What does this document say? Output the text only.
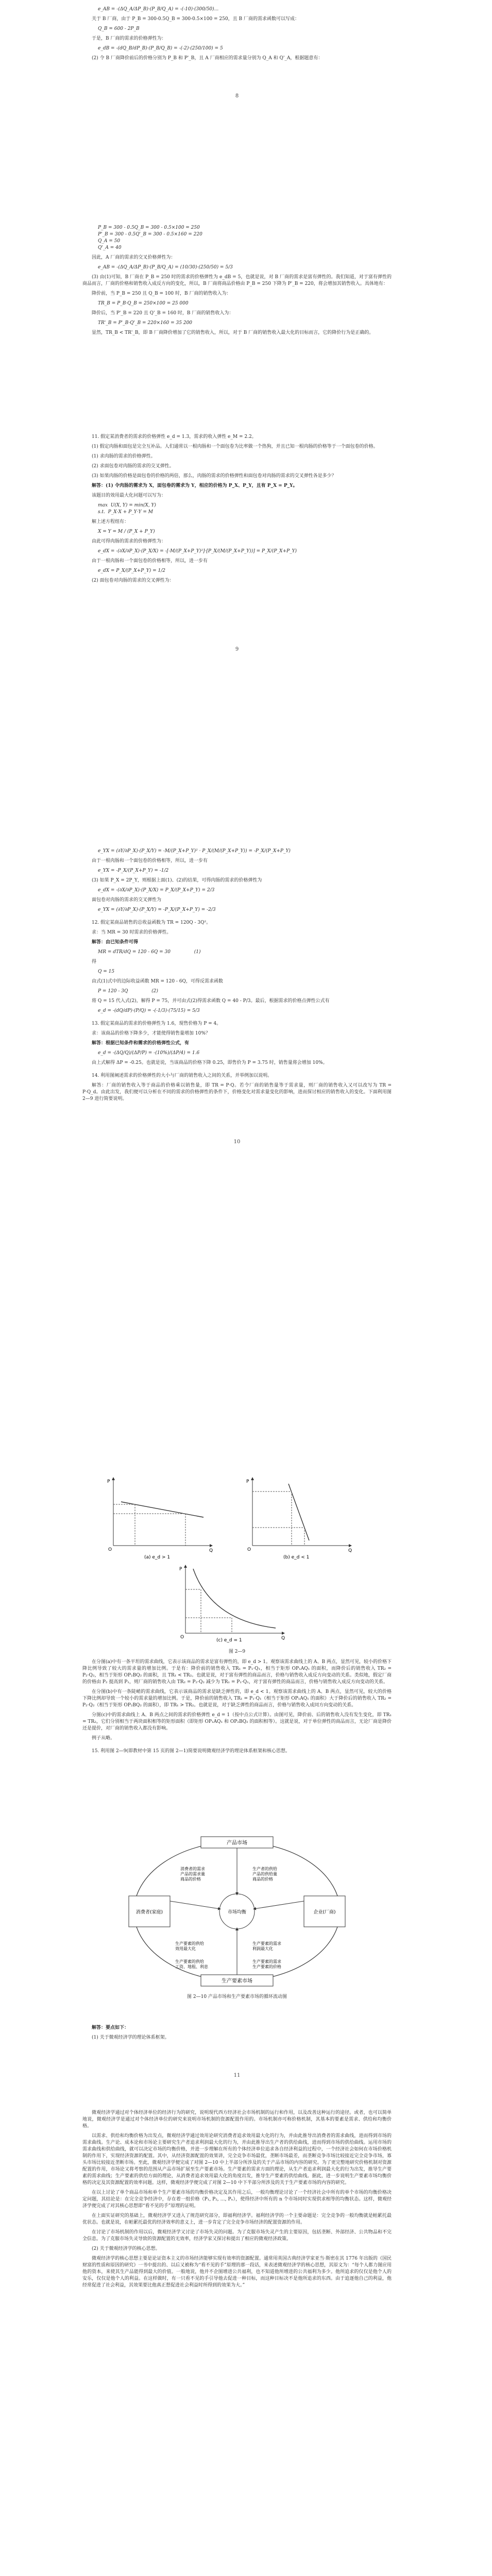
e_AB = -(ΔQ_A/ΔP_B)·(P_B/Q_A) = -(-10)·(300/50)...

关于 B 厂商，由于 P_B = 300-0.5Q_B = 300-0.5×100 = 250，且 B 厂商的需求函数可以写成：

Q_B = 600 - 2P_B

于是，B 厂商的需求的价格弹性为：

e_dB = -(dQ_B/dP_B)·(P_B/Q_B) = -(-2)·(250/100) = 5

(2) 令 B 厂商降价前后的价格分别为 P_B 和 P'_B，且 A 厂商相应的需求量分别为 Q_A 和 Q'_A，根据题意有：

8
P_B = 300 - 0.5Q_B = 300 - 0.5×100 = 250
P'_B = 300 - 0.5Q'_B = 300 - 0.5×160 = 220
Q_A = 50
Q'_A = 40

因此，A 厂商的需求的交叉价格弹性为：

e_AB = -(ΔQ_A/ΔP_B)·(P_B/Q_A) = (10/30)·(250/50) = 5/3

(3) 由(1)可知，B 厂商在 P_B = 250 时的需求的价格弹性为 e_dB = 5，也就是说，对 B 厂商的需求是富有弹性的。我们知道，对于富有弹性的商品而言，厂商的价格和销售收入成反方向的变化，所以，B 厂商将商品价格由 P_B = 250 下降为 P'_B = 220，将会增加其销售收入。具体地有：

降价前，当 P_B = 250 且 Q_B = 100 时，B 厂商的销售收入为：

TR_B = P_B·Q_B = 250×100 = 25 000

降价后，当 P'_B = 220 且 Q'_B = 160 时，B 厂商的销售收入为：

TR'_B = P'_B·Q'_B = 220×160 = 35 200

显然，TR_B < TR'_B，即 B 厂商降价增加了它的销售收入，所以，对于 B 厂商的销售收入最大化的目标而言，它的降价行为是正确的。

11. 假定某消费者的需求的价格弹性 e_d = 1.3，需求的收入弹性 e_M = 2.2。

(1) 假定肉肠和面包是完全互补品。人们通常以一根肉肠和一个面包卷为比率做一个热狗，并且已知一根肉肠的价格等于一个面包卷的价格。

(1) 求肉肠的需求的价格弹性。

(2) 求面包卷对肉肠的需求的交叉弹性。

(3) 如果肉肠的价格是面包卷的价格的两倍，那么，肉肠的需求的价格弹性和面包卷对肉肠的需求的交叉弹性各是多少？

解答：(1) 令肉肠的需求为 X，面包卷的需求为 Y，相应的价格为 P_X、P_Y，且有 P_X = P_Y。

该题目的效用最大化问题可以写为：

max  U(X, Y) = min(X, Y)
s.t.  P_X·X + P_Y·Y = M

解上述方程组有：

X = Y = M / (P_X + P_Y)

由此可得肉肠的需求的价格弹性为：

e_dX = -(∂X/∂P_X)·(P_X/X) = -[-M/(P_X+P_Y)²]·[P_X/(M/(P_X+P_Y))] = P_X/(P_X+P_Y)

由于一根肉肠和一个面包卷的价格相等，所以，进一步有

e_dX = P_X/(P_X+P_Y) = 1/2

(2) 面包卷对肉肠的需求的交叉弹性为：

9
e_YX = (∂Y/∂P_X)·(P_X/Y) = -M/(P_X+P_Y)² · P_X/(M/(P_X+P_Y)) = -P_X/(P_X+P_Y)

由于一根肉肠和一个面包卷的价格相等，所以，进一步有

e_YX = -P_X/(P_X+P_Y) = -1/2

(3) 如果 P_X = 2P_Y，则根据上面(1)、(2)的结果，可得肉肠的需求的价格弹性为

e_dX = -(∂X/∂P_X)·(P_X/X) = P_X/(P_X+P_Y) = 2/3

面包卷对肉肠的需求的交叉弹性为

e_YX = (∂Y/∂P_X)·(P_X/Y) = -P_X/(P_X+P_Y) = -2/3

12. 假定某商品销售的总收益函数为 TR = 120Q - 3Q²。

求：当 MR = 30 时需求的价格弹性。

解答：由已知条件可得

MR = dTR/dQ = 120 - 6Q = 30                (1)

得

Q = 15

由式(1)式中的边际收益函数 MR = 120 - 6Q，可得反需求函数

P = 120 - 3Q                (2)

将 Q = 15 代入式(2)，解得 P = 75，并可由式(2)得需求函数 Q = 40 - P/3。最后，根据需求的价格点弹性公式有

e_d = -(dQ/dP)·(P/Q) = -(-1/3)·(75/15) = 5/3

13. 假定某商品的需求的价格弹性为 1.6，现售价格为 P = 4。

求：该商品的价格下降多少，才能使得销售量增加 10%？

解答：根据已知条件和需求的价格弹性公式，有

e_d = -(ΔQ/Q)/(ΔP/P) = -(10%)/(ΔP/4) = 1.6

由上式解得 ΔP = -0.25。也就是说，当该商品的价格下降 0.25，即售价为 P = 3.75 时，销售量将会增加 10%。

14. 利用图阐述需求的价格弹性的大小与厂商的销售收入之间的关系，并举例加以说明。

解答：厂商的销售收入等于商品的价格乘以销售量，即 TR = P·Q。若令厂商的销售量等于需求量，则厂商的销售收入又可以改写为 TR = P·Q_d。由此出发，我们便可以分析在不同的需求的价格弹性的条件下，价格变化对需求量变化的影响，进而探讨相应的销售收入的变化。下面利用图 2—9 进行简要说明。

10
P
Q
O
(a) e_d > 1
P
Q
O
(b) e_d < 1
P
Q
O
(c) e_d = 1
图 2—9

在分图(a)中有一条平坦的需求曲线，它表示该商品的需求是富有弹性的，即 e_d > 1。观察该需求曲线上的 A、B 两点，显然可见，较小的价格下降比例导致了较大的需求量的增加比例。于是有：降价前的销售收入 TR₁ = P₁·Q₁，相当于矩形 OP₁AQ₁ 的面积，而降价后的销售收入 TR₂ = P₂·Q₂，相当于矩形 OP₂BQ₂ 的面积，且 TR₁ < TR₂。也就是说，对于富有弹性的商品而言，价格与销售收入成反方向变动的关系。类似地，假定厂商的价格由 P₂ 提高到 P₁，则厂商的销售收入由 TR₂ = P₂·Q₂ 减少为 TR₁ = P₁·Q₁，对于富有弹性的商品而言，价格与销售收入成反方向变动的关系。

在分图(b)中有一条陡峭的需求曲线，它表示该商品的需求是缺乏弹性的，即 e_d < 1。观察该需求曲线上的 A、B 两点，显然可见，较大的价格下降比例却导致一个较小的需求量的增加比例。于是，降价前的销售收入 TR₁ = P₁·Q₁（相当于矩形 OP₁AQ₁ 的面积）大于降价后的销售收入 TR₂ = P₂·Q₂（相当于矩形 OP₂BQ₂ 的面积），即 TR₁ > TR₂。也就是说，对于缺乏弹性的商品而言，价格与销售收入成同方向变动的关系。

分图(c)中的需求曲线上 A、B 两点之间的需求的价格弹性 e_d = 1（按中点公式计算）。由图可见，降价前、后的销售收入没有发生变化，即 TR₁ = TR₂，它们分别相当于两块面积相等的矩形面积（即矩形 OP₁AQ₁ 和 OP₂BQ₂ 的面积相等）。这就是说，对于单位弹性的商品而言，无论厂商是降价还是提价，对厂商的销售收入都没有影响。

例子从略。

15. 利用图 2—9(即教材中第 15 页的图 2—1)简要说明微观经济学的理论体系框架和核心思想。

产品市场
生产要素市场
消费者(家庭)	企业(厂商)
市场均衡
消费者的需求产品的需求量商品的价格
生产者的供给产品的供给量商品的价格
生产要素的供给效用最大化
生产要素的需求利润最大化
生产要素的供给工资、地租、利息
生产要素的需求生产要素的价格
图 2—10 产品市场和生产要素市场的循环流动图

解答：要点如下：

(1) 关于微观经济学的理论体系框架。

11

微观经济学通过对个体经济单位的经济行为的研究，说明现代西方经济社会市场机制的运行和作用，以及改善这种运行的途径。或者，也可以简单地说，微观经济学是通过对个体经济单位的研究来说明市场机制的资源配置作用的。市场机制亦可称价格机制，其基本的要素是需求、供给和均衡价格。

以需求、供给和均衡价格为出发点，微观经济学通过效用论研究消费者追求效用最大化的行为，并由此推导出消费者的需求曲线，进而得到市场的需求曲线。生产论、成本论和市场论主要研究生产者追求利润最大化的行为，并由此推导出生产者的供给曲线，进而得到市场的供给曲线。运用市场的需求曲线和供给曲线，就可以决定市场的均衡价格，并进一步理解在所有的个体经济单位追求各自经济利益的过程中，一个经济社会如何在市场价格机制的作用下，实现经济资源的配置。其中，从经济资源配置的效果讲，完全竞争市场最优，垄断市场最差，而垄断竞争市场比较接近完全竞争市场，寡头市场比较接近垄断市场。至此，微观经济学便完成了对图 2—10 中上半部分所涉及的关于产品市场的内容的研究。为了更完整地研究价格机制对资源配置的作用，市场论又将考察的范围从产品市场扩展至生产要素市场。生产要素的需求方面的理论，从生产者追求利润最大化的行为出发，推导生产要素的需求曲线；生产要素的供给方面的理论，从消费者追求效用最大化的角度出发，推导生产要素的供给曲线。据此，进一步说明生产要素市场均衡价格的决定及其资源配置的效率问题。这样，微观经济学便完成了对图 2—10 中下半部分所涉及的关于生产要素市场的内容的研究。

在以上讨论了单个商品市场和单个生产要素市场的均衡价格决定及其作用之后，一般均衡理论讨论了一个经济社会中所有的单个市场的均衡价格决定问题，其结论是：在完全竞争经济中，存在着一组价格（P₁, P₂, …, Pₙ），使得经济中所有的 n 个市场同时实现供求相等的均衡状态。这样，微观经济学便完成了对其核心思想即“看不见的手”原理的证明。

在上面实证研究的基础上，微观经济学又进入了规范研究部分，即福利经济学。福利经济学的一个主要命题是：完全竞争的一般均衡就是帕累托最优状态。也就是说，在帕累托最优的经济效率的意义上，进一步肯定了完全竞争市场经济的配置资源的作用。

在讨论了市场机制的作用以后，微观经济学又讨论了市场失灵的问题。为了克服市场失灵产生的主要原因，包括垄断、外部经济、公共物品和不完全信息。为了克服市场失灵导致的资源配置的无效率，经济学家又探讨和提出了相应的微观经济政策。

(2) 关于微观经济学的核心思想。

微观经济学的核心思想主要是论证资本主义的市场经济能够实现有效率的资源配置。通常用英国古典经济学家亚当·斯密在其 1776 年出版的《国民财富的性质和原因的研究》一书中提出的、以后又被称为“看不见的手”原理的那一段话，来表述微观经济学的核心思想，其原文为：“每个人都力图应用他的资本，来使其生产品能得到最大的价值。一般地说，他并不企图增进公共福利，也不知道他所增进的公共福利为多少。他所追求的仅仅是他个人的安乐，仅仅是他个人的利益。在这样做时，有一只看不见的手引导他去促进一种目标，而这种目标决不是他所追求的东西。由于追逐他自己的利益，他经常促进了社会利益，其效果要比他真正想促进社会利益时所得到的效果为大。”
